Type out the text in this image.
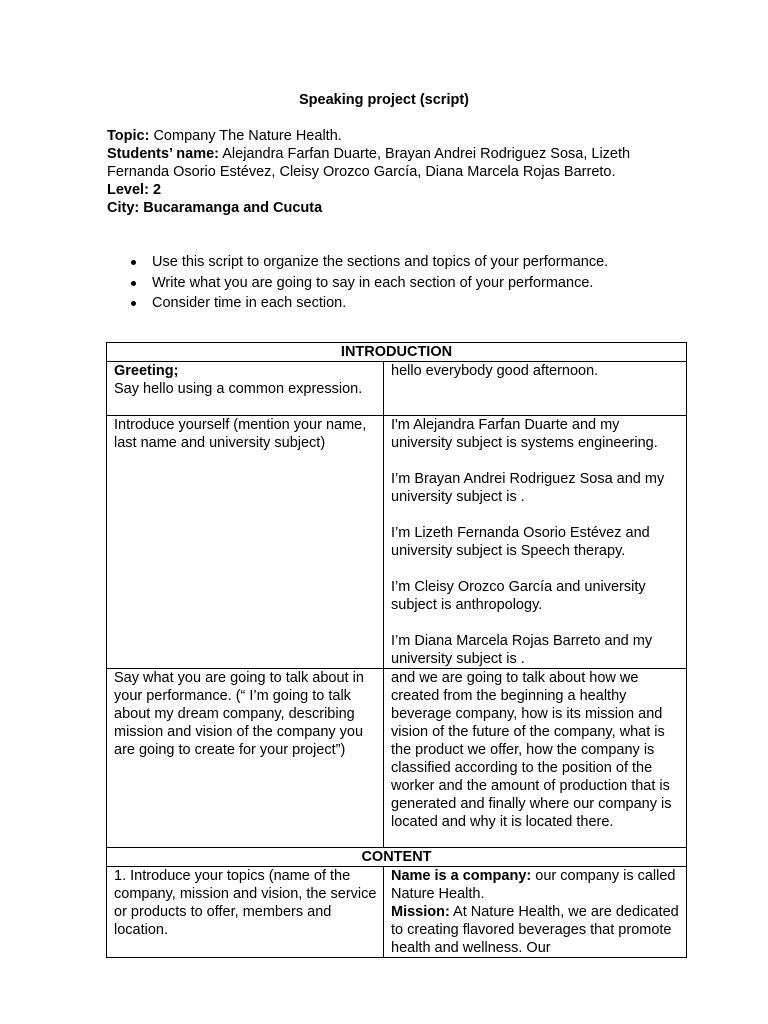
Speaking project (script)
Topic: Company The Nature Health.
Students’ name: Alejandra Farfan Duarte, Brayan Andrei Rodriguez Sosa, Lizeth Fernanda Osorio Estévez, Cleisy Orozco García, Diana Marcela Rojas Barreto.
Level: 2
City: Bucaramanga and Cucuta
Use this script to organize the sections and topics of your performance.
Write what you are going to say in each section of your performance.
Consider time in each section.
INTRODUCTION	

Greeting;
Say hello using a common expression.	hello everybody good afternoon.

Introduce yourself (mention your name, last name and university subject)	I'm Alejandra Farfan Duarte and my university subject is systems engineering.
I’m Brayan Andrei Rodriguez Sosa and my university subject is .
I’m Lizeth Fernanda Osorio Estévez and university subject is Speech therapy.
I’m Cleisy Orozco García and university subject is anthropology.
I’m Diana Marcela Rojas Barreto and my university subject is .

Say what you are going to talk about in your performance. (“ I’m going to talk about my dream company, describing mission and vision of the company you are going to create for your project”)	and we are going to talk about how we created from the beginning a healthy beverage company, how is its mission and vision of the future of the company, what is the product we offer, how the company is classified according to the position of the worker and the amount of production that is generated and finally where our company is located and why it is located there.

CONTENT	

1. Introduce your topics (name of the company, mission and vision, the service or products to offer, members and location.	Name is a company: our company is called Nature Health.
Mission: At Nature Health, we are dedicated to creating flavored beverages that promote health and wellness. Our
